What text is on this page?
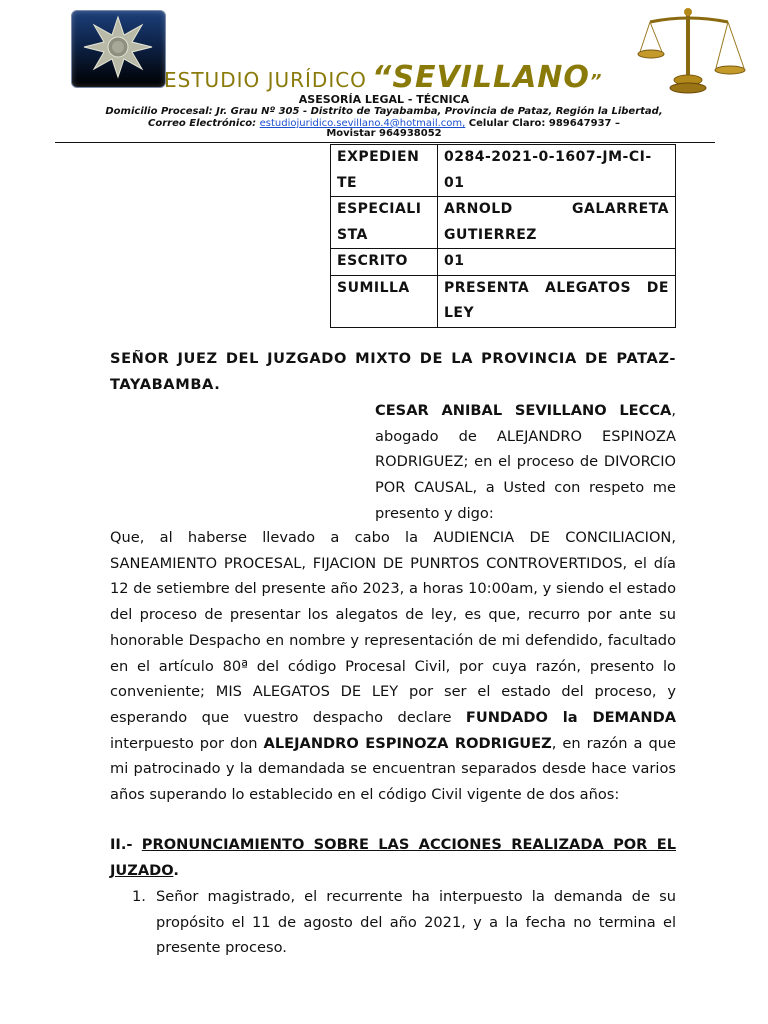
ESTUDIO JURÍDICO “SEVILLANO”
ASESORÍA LEGAL - TÉCNICA
Domicilio Procesal: Jr. Grau Nº 305 - Distrito de Tayabamba, Provincia de Pataz, Región la Libertad,
Correo Electrónico: estudiojuridico.sevillano.4@hotmail.com, Celular Claro: 989647937 –
Movistar 964938052
EXPEDIEN TE	0284-2021-0-1607-JM-CI-01
ESPECIALI STA	ARNOLD GALARRETA GUTIERREZ
ESCRITO	01
SUMILLA	PRESENTA ALEGATOS DE LEY
SEÑOR JUEZ DEL JUZGADO MIXTO DE LA PROVINCIA DE PATAZ-TAYABAMBA.
CESAR ANIBAL SEVILLANO LECCA, abogado de ALEJANDRO ESPINOZA RODRIGUEZ; en el proceso de DIVORCIO POR CAUSAL, a Usted con respeto me presento y digo:
Que, al haberse llevado a cabo la AUDIENCIA DE CONCILIACION, SANEAMIENTO PROCESAL, FIJACION DE PUNRTOS CONTROVERTIDOS, el día 12 de setiembre del presente año 2023, a horas 10:00am, y siendo el estado del proceso de presentar los alegatos de ley, es que, recurro por ante su honorable Despacho en nombre y representación de mi defendido, facultado en el artículo 80ª del código Procesal Civil, por cuya razón, presento lo conveniente; MIS ALEGATOS DE LEY por ser el estado del proceso, y esperando que vuestro despacho declare FUNDADO la DEMANDA interpuesto por don ALEJANDRO ESPINOZA RODRIGUEZ, en razón a que mi patrocinado y la demandada se encuentran separados desde hace varios años superando lo establecido en el código Civil vigente de dos años:
II.- PRONUNCIAMIENTO SOBRE LAS ACCIONES REALIZADA POR EL JUZADO.
1. Señor magistrado, el recurrente ha interpuesto la demanda de su propósito el 11 de agosto del año 2021, y a la fecha no termina el presente proceso.
